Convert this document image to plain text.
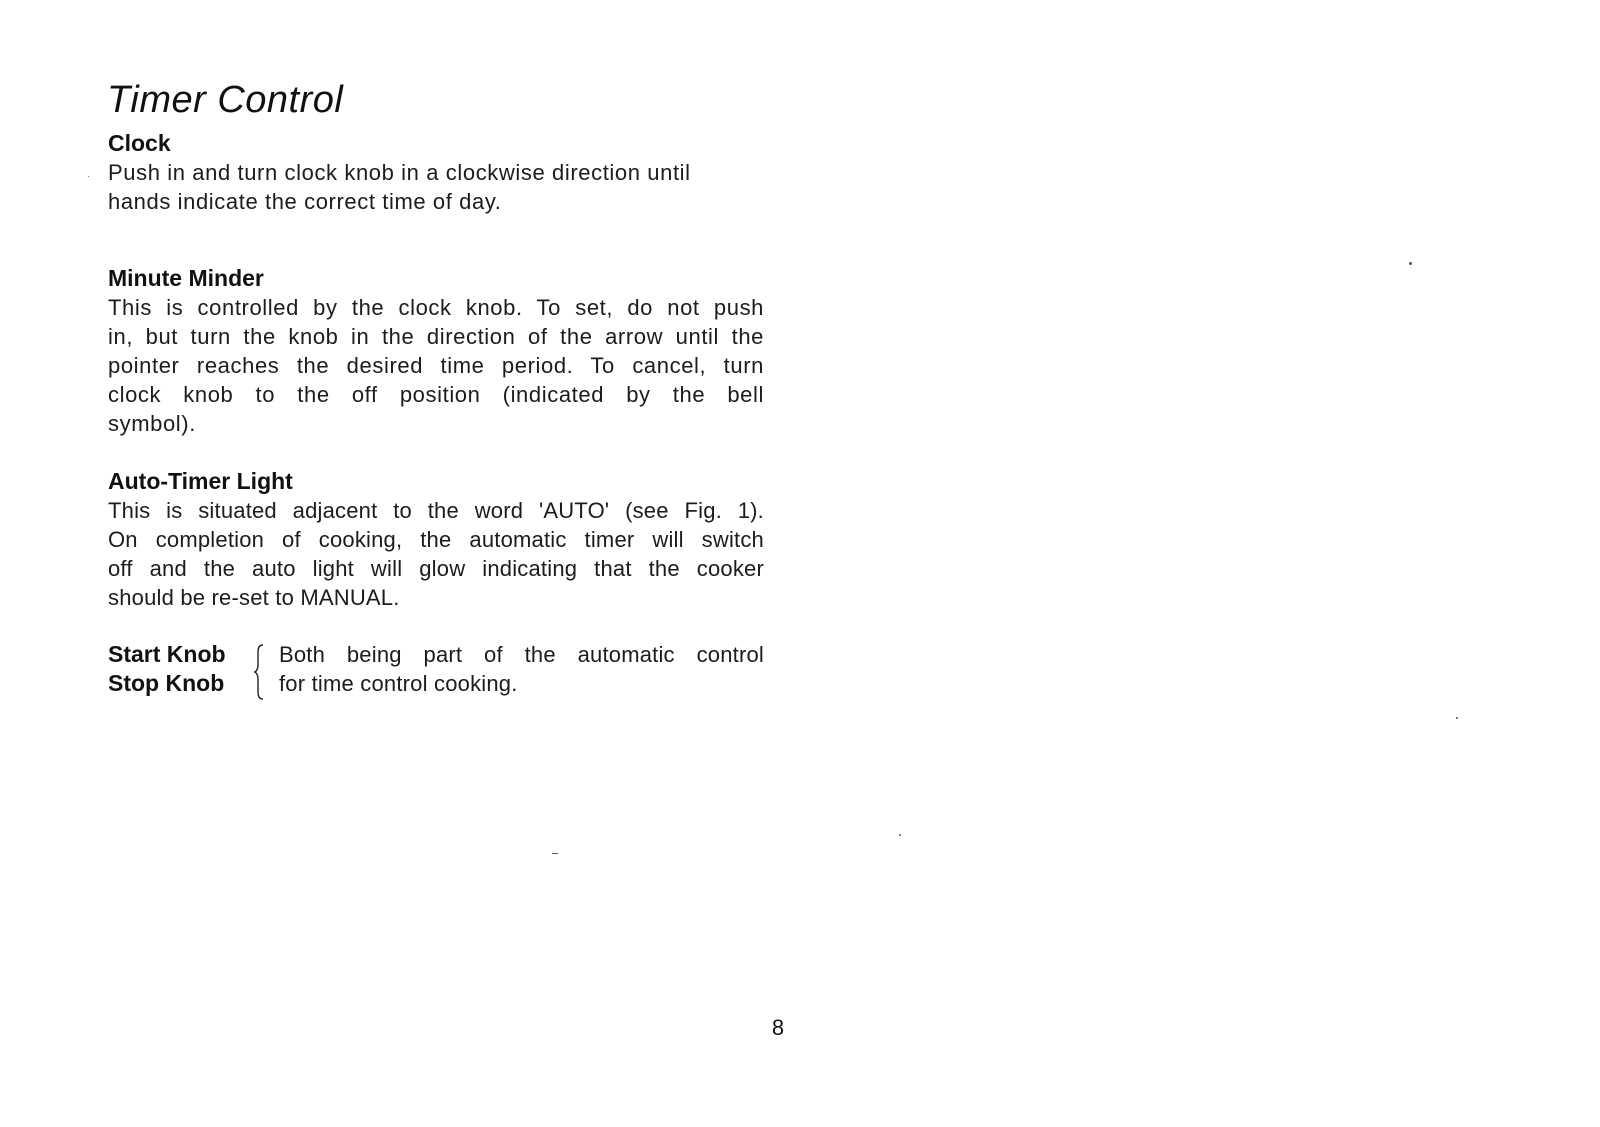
Timer Control
Clock

Push in and turn clock knob in a clockwise direction until
hands indicate the correct time of day.

Minute Minder

This is controlled by the clock knob. To set, do not push
in, but turn the knob in the direction of the arrow until the
pointer reaches the desired time period. To cancel, turn
clock knob to the off position (indicated by the bell
symbol).

Auto-Timer Light

This is situated adjacent to the word 'AUTO' (see Fig. 1).
On completion of cooking, the automatic timer will switch
off and the auto light will glow indicating that the cooker
should be re-set to MANUAL.

Start Knob
Stop Knob

Both being part of the automatic control
for time control cooking.

8
